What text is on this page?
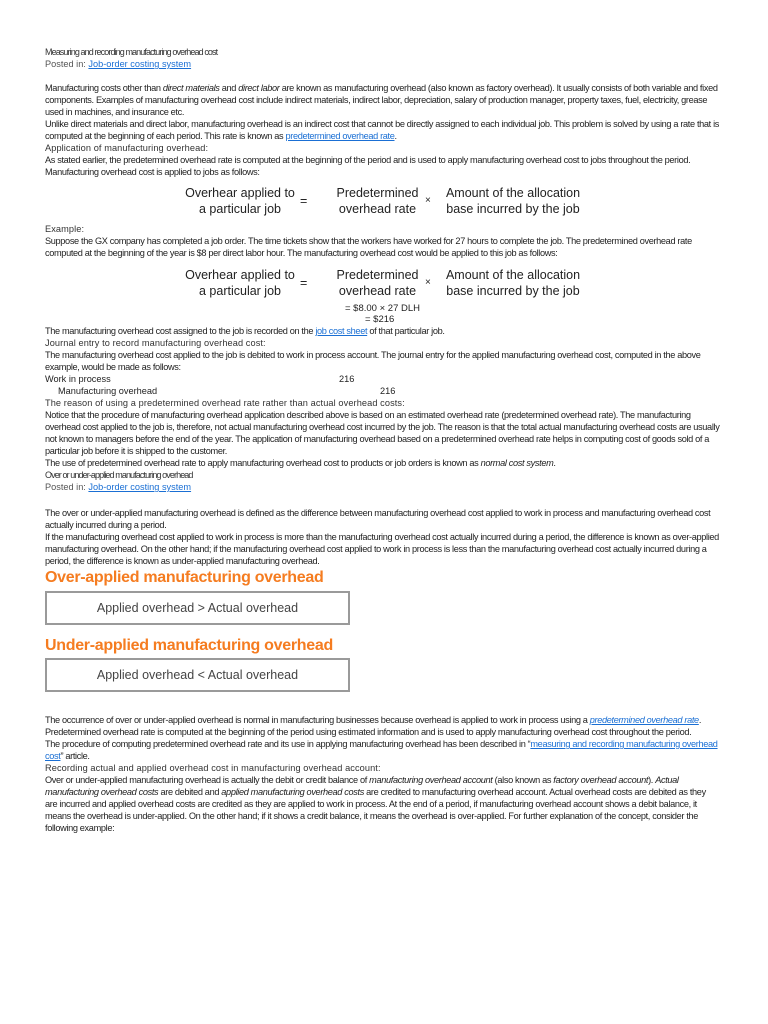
Measuring and recording manufacturing overhead cost

Posted in: Job-order costing system

Manufacturing costs other than direct materials and direct labor are known as manufacturing overhead (also known as factory overhead). It usually consists of both variable and fixed components. Examples of manufacturing overhead cost include indirect materials, indirect labor, depreciation, salary of production manager, property taxes, fuel, electricity, grease used in machines, and insurance etc.

Unlike direct materials and direct labor, manufacturing overhead is an indirect cost that cannot be directly assigned to each individual job. This problem is solved by using a rate that is computed at the beginning of each period. This rate is known as predetermined overhead rate.

Application of manufacturing overhead:

As stated earlier, the predetermined overhead rate is computed at the beginning of the period and is used to apply manufacturing overhead cost to jobs throughout the period.

Manufacturing overhead cost is applied to jobs as follows:

Overhear applied to
a particular job
=
Predetermined
overhead rate
×
Amount of the allocation
base incurred by the job

Example:

Suppose the GX company has completed a job order. The time tickets show that the workers have worked for 27 hours to complete the job. The predetermined overhead rate computed at the beginning of the year is $8 per direct labor hour. The manufacturing overhead cost would be applied to this job as follows:

Overhear applied to
a particular job
=
Predetermined
overhead rate
×
Amount of the allocation
base incurred by the job

= $8.00 × 27 DLH

= $216

The manufacturing overhead cost assigned to the job is recorded on the job cost sheet of that particular job.

Journal entry to record manufacturing overhead cost:

The manufacturing overhead cost applied to the job is debited to work in process account. The journal entry for the applied manufacturing overhead cost, computed in the above example, would be made as follows:

Work in process	216
Manufacturing overhead	216

The reason of using a predetermined overhead rate rather than actual overhead costs:

Notice that the procedure of manufacturing overhead application described above is based on an estimated overhead rate (predetermined overhead rate). The manufacturing overhead cost applied to the job is, therefore, not actual manufacturing overhead cost incurred by the job. The reason is that the total actual manufacturing overhead costs are usually not known to managers before the end of the year. The application of manufacturing overhead based on a predetermined overhead rate helps in computing cost of goods sold of a particular job before it is shipped to the customer.

The use of predetermined overhead rate to apply manufacturing overhead cost to products or job orders is known as normal cost system.

Over or under-applied manufacturing overhead

Posted in: Job-order costing system

The over or under-applied manufacturing overhead is defined as the difference between manufacturing overhead cost applied to work in process and manufacturing overhead cost actually incurred during a period.

If the manufacturing overhead cost applied to work in process is more than the manufacturing overhead cost actually incurred during a period, the difference is known as over-applied manufacturing overhead. On the other hand; if the manufacturing overhead cost applied to work in process is less than the manufacturing overhead cost actually incurred during a period, the difference is known as under-applied manufacturing overhead.

Over-applied manufacturing overhead

Applied overhead > Actual overhead

Under-applied manufacturing overhead

Applied overhead < Actual overhead

The occurrence of over or under-applied overhead is normal in manufacturing businesses because overhead is applied to work in process using a predetermined overhead rate. Predetermined overhead rate is computed at the beginning of the period using estimated information and is used to apply manufacturing overhead cost throughout the period.

The procedure of computing predetermined overhead rate and its use in applying manufacturing overhead has been described in “measuring and recording manufacturing overhead cost” article.

Recording actual and applied overhead cost in manufacturing overhead account:

Over or under-applied manufacturing overhead is actually the debit or credit balance of manufacturing overhead account (also known as factory overhead account). Actual manufacturing overhead costs are debited and applied manufacturing overhead costs are credited to manufacturing overhead account. Actual overhead costs are debited as they are incurred and applied overhead costs are credited as they are applied to work in process. At the end of a period, if manufacturing overhead account shows a debit balance, it means the overhead is under-applied. On the other hand; if it shows a credit balance, it means the overhead is over-applied. For further explanation of the concept, consider the following example:
